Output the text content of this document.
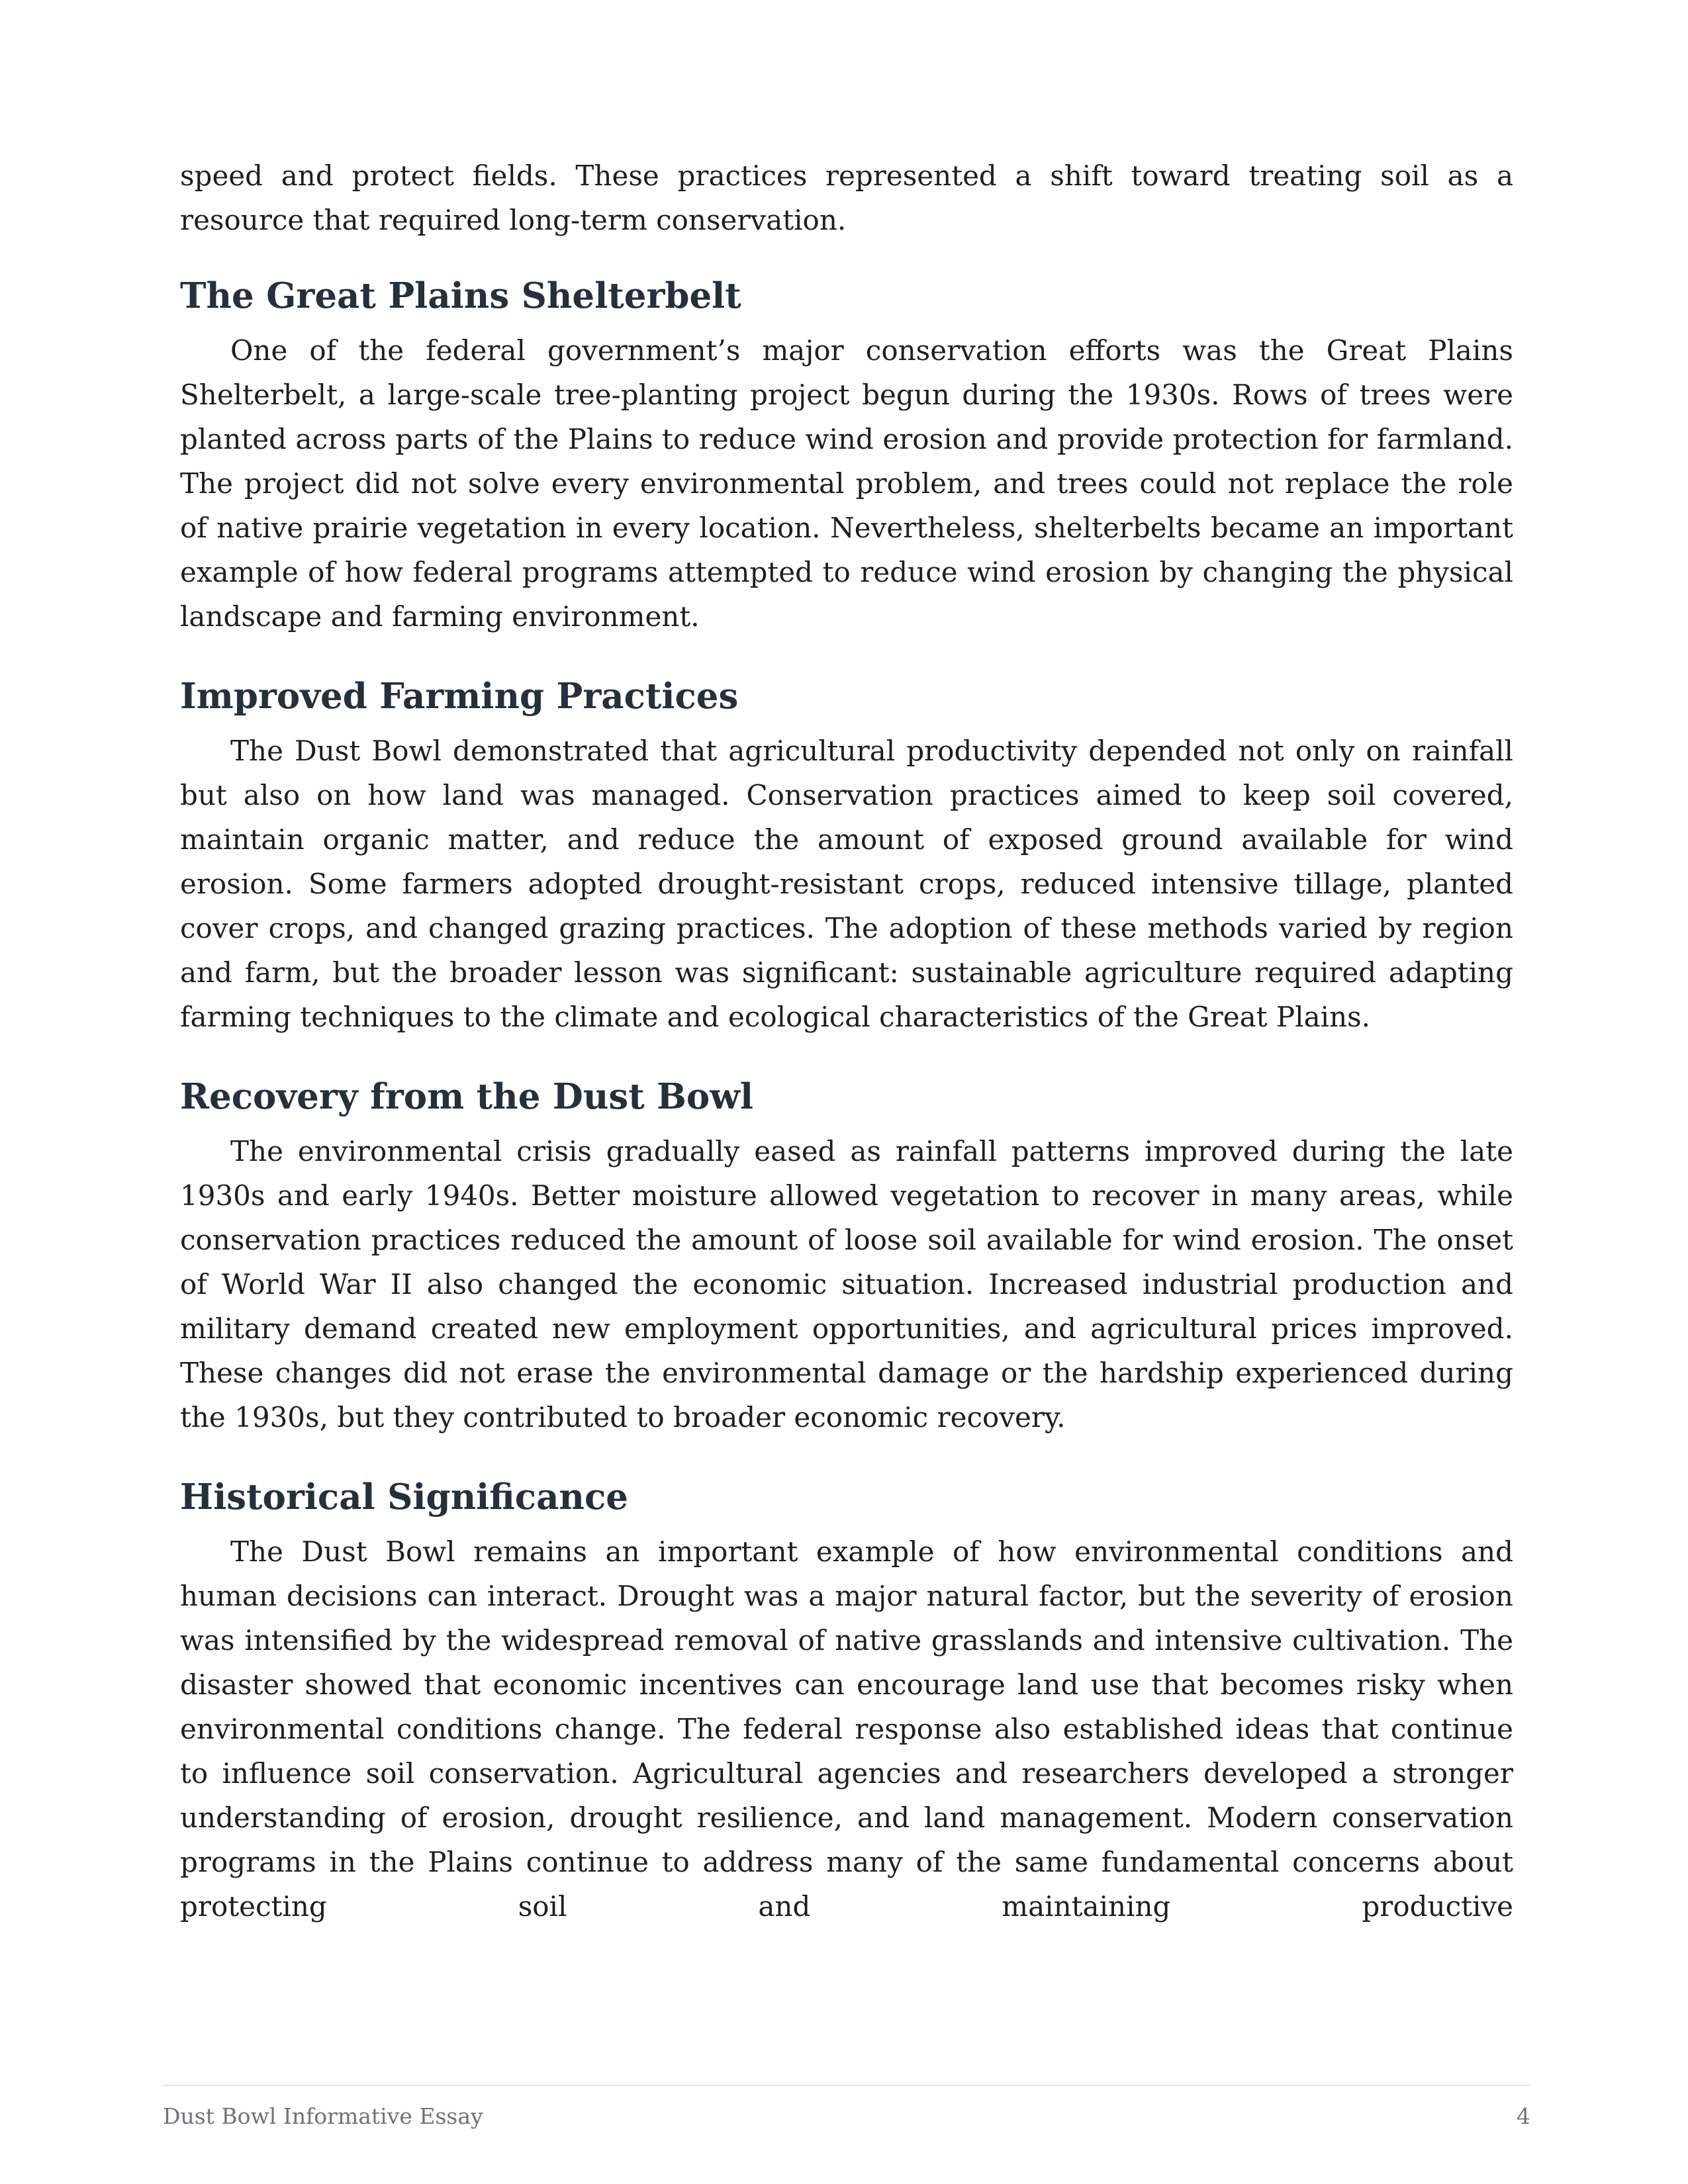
speed and protect fields. These practices represented a shift toward treating soil as a resource that required long-term conservation.

The Great Plains Shelterbelt

One of the federal government’s major conservation efforts was the Great Plains Shelterbelt, a large-scale tree-planting project begun during the 1930s. Rows of trees were planted across parts of the Plains to reduce wind erosion and provide protection for farmland. The project did not solve every environmental problem, and trees could not replace the role of native prairie vegetation in every location. Nevertheless, shelterbelts became an important example of how federal programs attempted to reduce wind erosion by changing the physical landscape and farming environment.

Improved Farming Practices

The Dust Bowl demonstrated that agricultural productivity depended not only on rainfall but also on how land was managed. Conservation practices aimed to keep soil covered, maintain organic matter, and reduce the amount of exposed ground available for wind erosion. Some farmers adopted drought-resistant crops, reduced intensive tillage, planted cover crops, and changed grazing practices. The adoption of these methods varied by region and farm, but the broader lesson was significant: sustainable agriculture required adapting farming techniques to the climate and ecological characteristics of the Great Plains.

Recovery from the Dust Bowl

The environmental crisis gradually eased as rainfall patterns improved during the late 1930s and early 1940s. Better moisture allowed vegetation to recover in many areas, while conservation practices reduced the amount of loose soil available for wind erosion. The onset of World War II also changed the economic situation. Increased industrial production and military demand created new employment opportunities, and agricultural prices improved. These changes did not erase the environmental damage or the hardship experienced during the 1930s, but they contributed to broader economic recovery.

Historical Significance

The Dust Bowl remains an important example of how environmental conditions and human decisions can interact. Drought was a major natural factor, but the severity of erosion was intensified by the widespread removal of native grasslands and intensive cultivation. The disaster showed that economic incentives can encourage land use that becomes risky when environmental conditions change. The federal response also established ideas that continue to influence soil conservation. Agricultural agencies and researchers developed a stronger understanding of erosion, drought resilience, and land management. Modern conservation programs in the Plains continue to address many of the same fundamental concerns about protecting soil and maintaining productive

Dust Bowl Informative Essay	4
